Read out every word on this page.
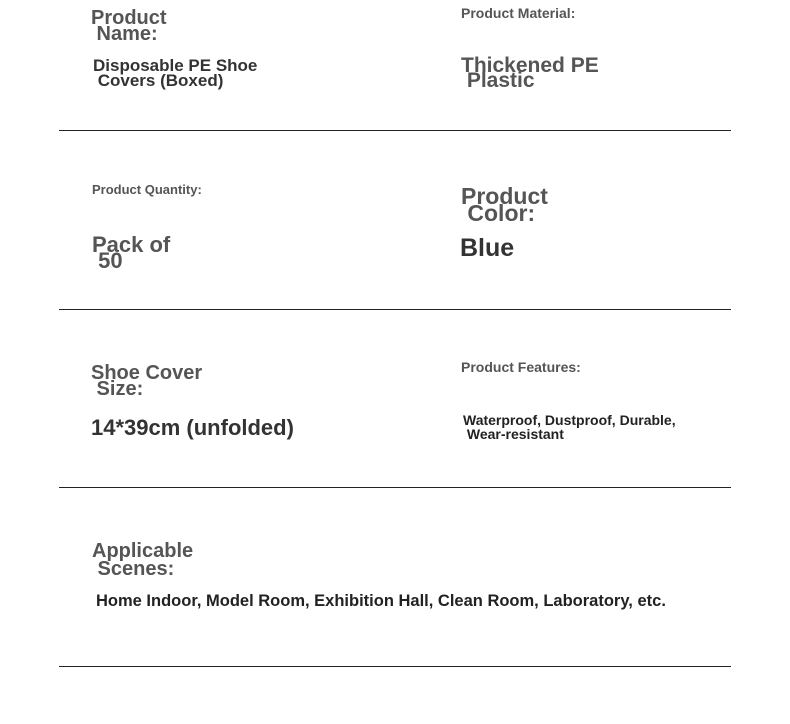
Product
Name:

Disposable PE Shoe
Covers (Boxed)

Product Material:

Thickened PE
Plastic

Product Quantity:

Pack of
50

Product
Color:

Blue

Shoe Cover
Size:

14*39cm (unfolded)

Product Features:

Waterproof, Dustproof, Durable,
Wear-resistant

Applicable
Scenes:

Home Indoor, Model Room, Exhibition Hall, Clean Room, Laboratory, etc.
